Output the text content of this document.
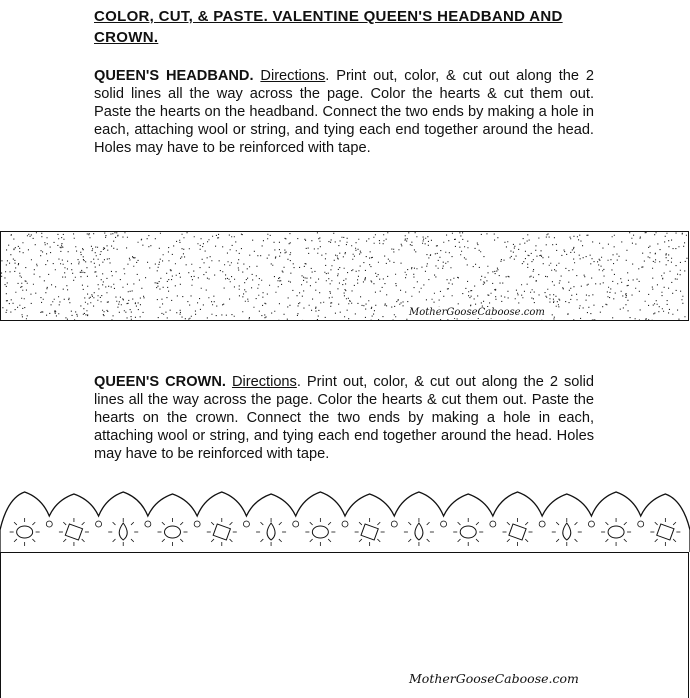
COLOR, CUT, & PASTE. VALENTINE QUEEN'S HEADBAND AND CROWN.
QUEEN'S HEADBAND. Directions. Print out, color, & cut out along the 2 solid lines all the way across the page. Color the hearts & cut them out. Paste the hearts on the headband. Connect the two ends by making a hole in each, attaching wool or string, and tying each end together around the head. Holes may have to be reinforced with tape.
MotherGooseCaboose.com
QUEEN'S CROWN. Directions. Print out, color, & cut out along the 2 solid lines all the way across the page. Color the hearts & cut them out. Paste the hearts on the crown. Connect the two ends by making a hole in each, attaching wool or string, and tying each end together around the head. Holes may have to be reinforced with tape.
MotherGooseCaboose.com
